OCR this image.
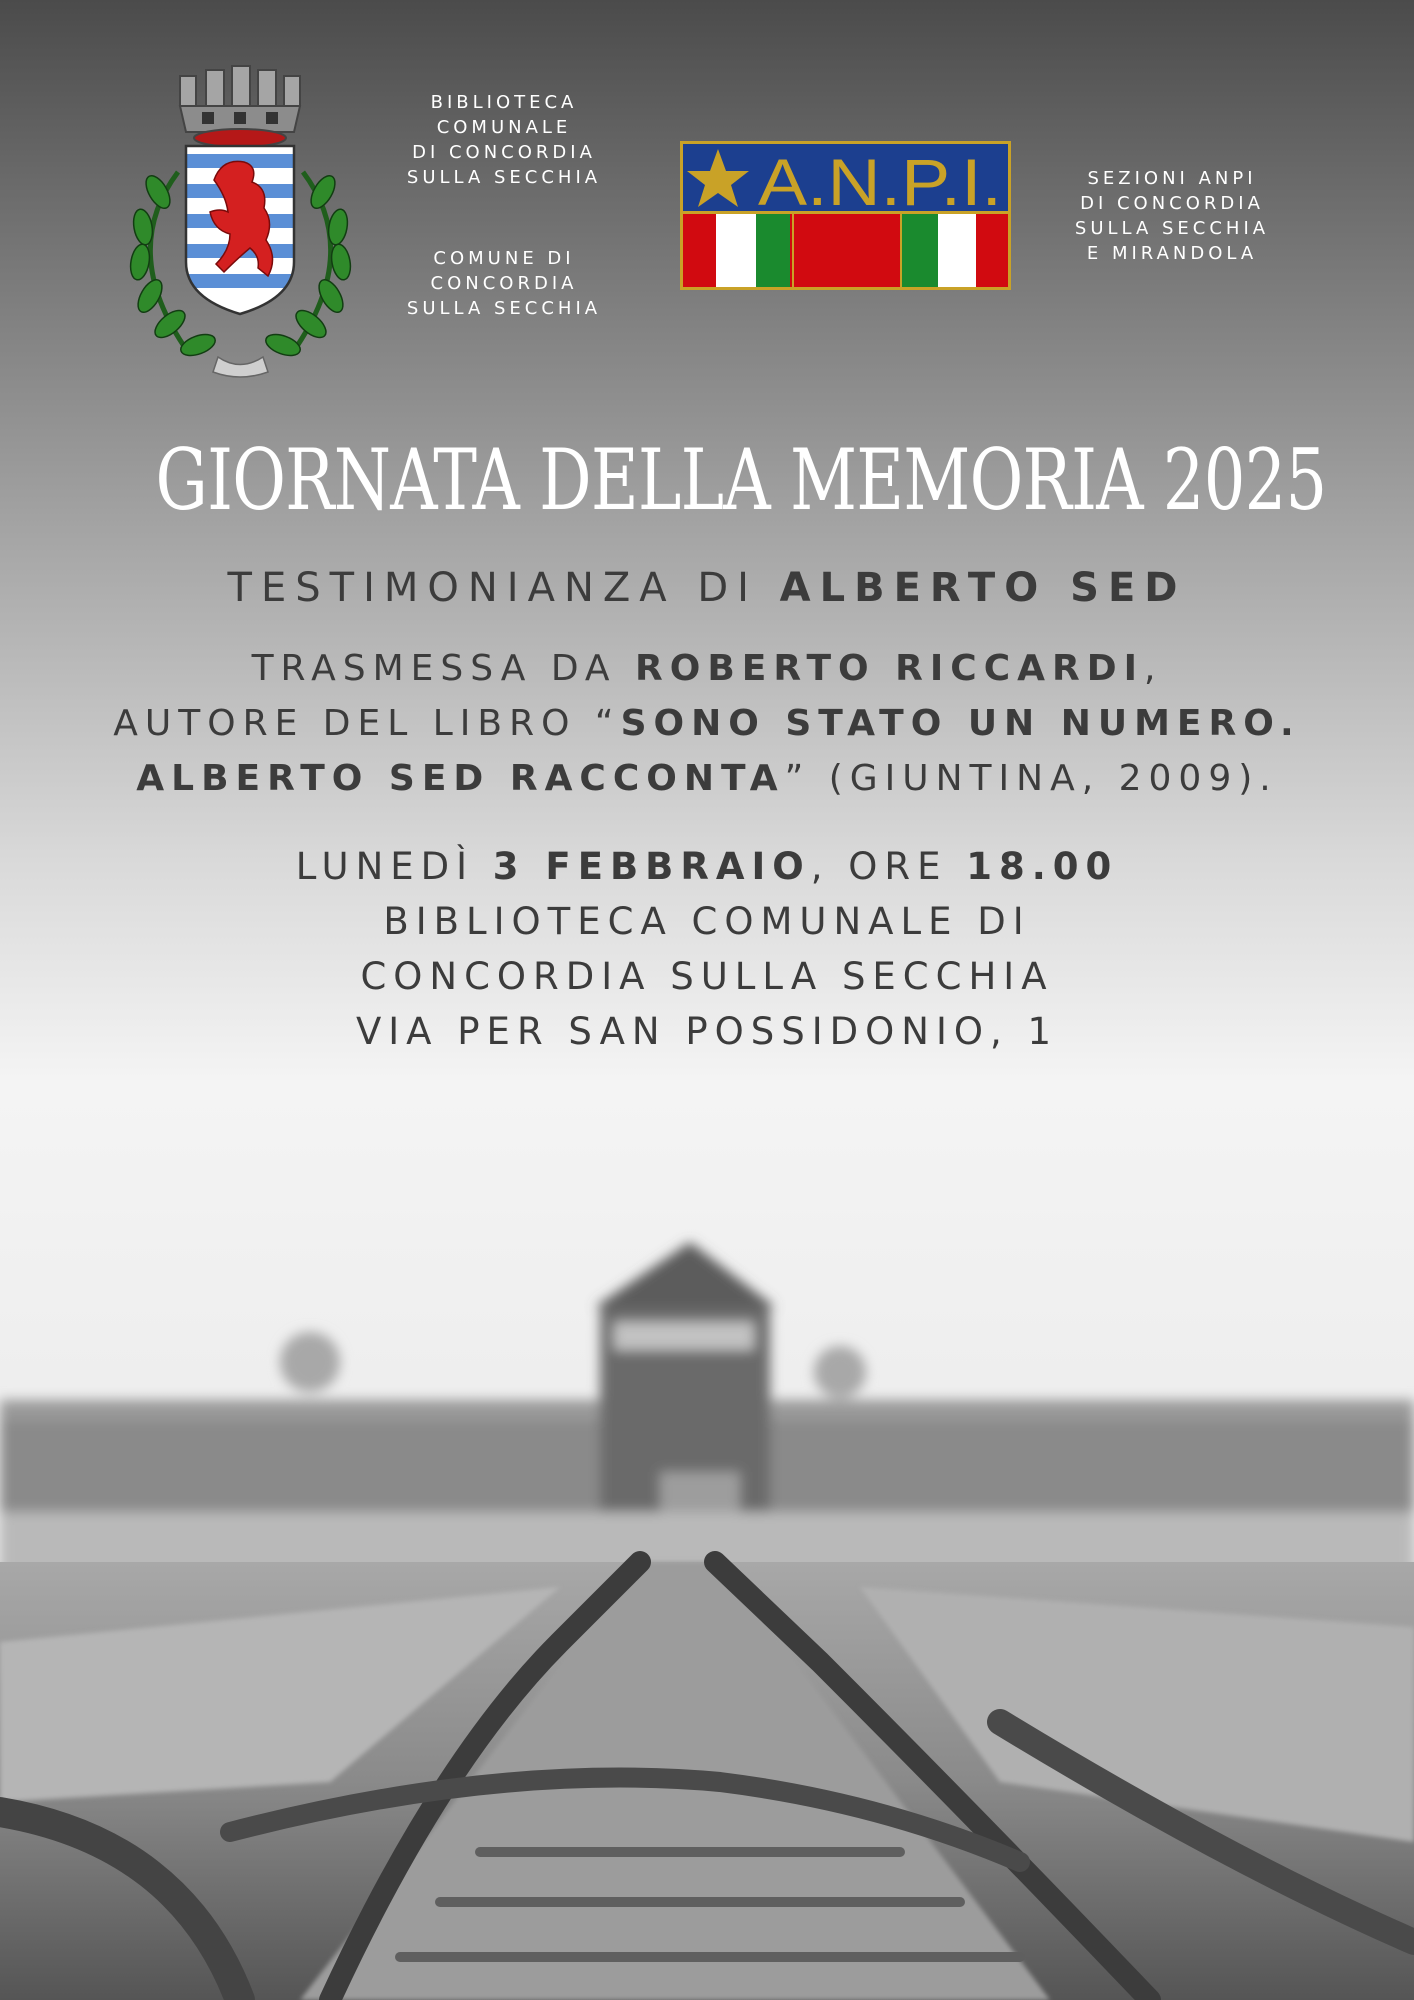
BIBLIOTECA
COMUNALE
DI CONCORDIA
SULLA SECCHIA
COMUNE DI
CONCORDIA
SULLA SECCHIA
A.N.P.I.	SEZIONI ANPI
DI CONCORDIA
SULLA SECCHIA
E MIRANDOLA
GIORNATA DELLA MEMORIA 2025
TESTIMONIANZA DI ALBERTO SED
TRASMESSA DA ROBERTO RICCARDI,
AUTORE DEL LIBRO “SONO STATO UN NUMERO.
ALBERTO SED RACCONTA” (GIUNTINA, 2009).
LUNEDÌ 3 FEBBRAIO, ORE 18.00
BIBLIOTECA COMUNALE DI
CONCORDIA SULLA SECCHIA
VIA PER SAN POSSIDONIO, 1
